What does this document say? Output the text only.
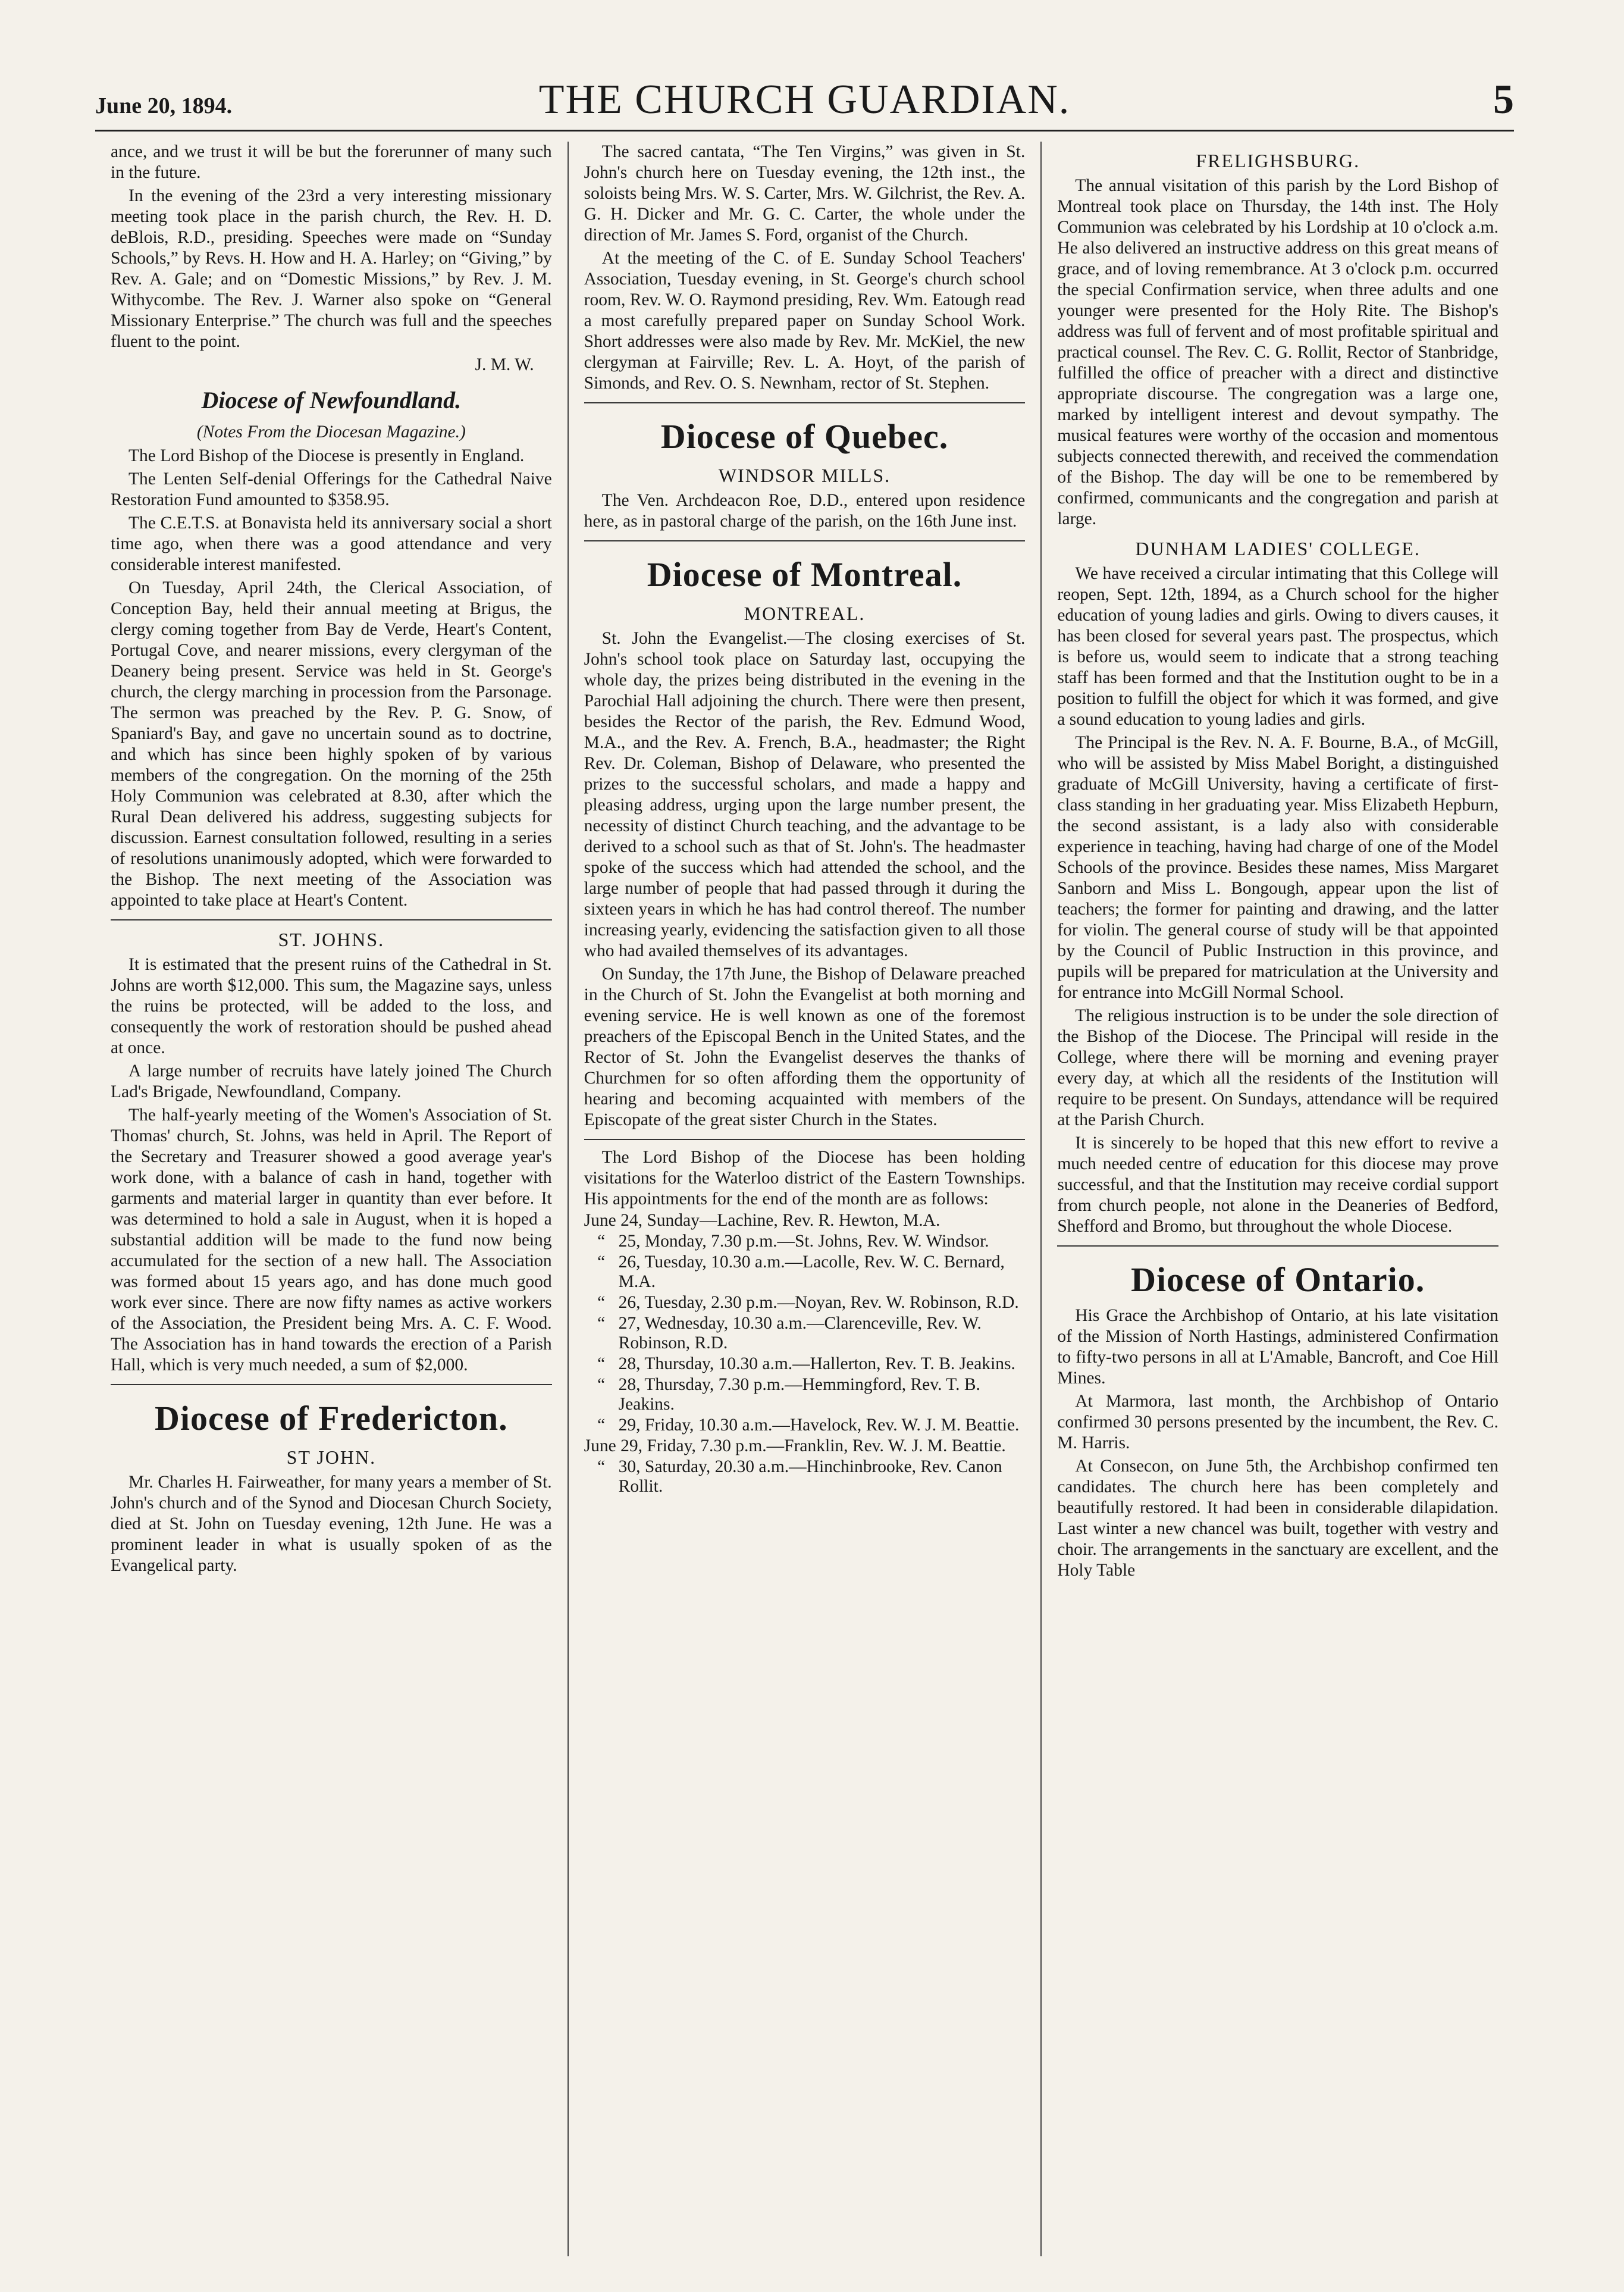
June 20, 1894.	THE CHURCH GUARDIAN.	5

ance, and we trust it will be but the forerunner of many such in the future.

In the evening of the 23rd a very interesting missionary meeting took place in the parish church, the Rev. H. D. deBlois, R.D., presiding. Speeches were made on “Sunday Schools,” by Revs. H. How and H. A. Harley; on “Giving,” by Rev. A. Gale; and on “Domestic Missions,” by Rev. J. M. Withycombe. The Rev. J. Warner also spoke on “General Missionary Enterprise.” The church was full and the speeches fluent to the point.

J. M. W.
Diocese of Newfoundland.
(Notes From the Diocesan Magazine.)

The Lord Bishop of the Diocese is presently in England.

The Lenten Self-denial Offerings for the Cathedral Naive Restoration Fund amounted to $358.95.

The C.E.T.S. at Bonavista held its anniversary social a short time ago, when there was a good attendance and very considerable interest manifested.

On Tuesday, April 24th, the Clerical Association, of Conception Bay, held their annual meeting at Brigus, the clergy coming together from Bay de Verde, Heart's Content, Portugal Cove, and nearer missions, every clergyman of the Deanery being present. Service was held in St. George's church, the clergy marching in procession from the Parsonage. The sermon was preached by the Rev. P. G. Snow, of Spaniard's Bay, and gave no uncertain sound as to doctrine, and which has since been highly spoken of by various members of the congregation. On the morning of the 25th Holy Communion was celebrated at 8.30, after which the Rural Dean delivered his address, suggesting subjects for discussion. Earnest consultation followed, resulting in a series of resolutions unanimously adopted, which were forwarded to the Bishop. The next meeting of the Association was appointed to take place at Heart's Content.

ST. JOHNS.

It is estimated that the present ruins of the Cathedral in St. Johns are worth $12,000. This sum, the Magazine says, unless the ruins be protected, will be added to the loss, and consequently the work of restoration should be pushed ahead at once.

A large number of recruits have lately joined The Church Lad's Brigade, Newfoundland, Company.

The half-yearly meeting of the Women's Association of St. Thomas' church, St. Johns, was held in April. The Report of the Secretary and Treasurer showed a good average year's work done, with a balance of cash in hand, together with garments and material larger in quantity than ever before. It was determined to hold a sale in August, when it is hoped a substantial addition will be made to the fund now being accumulated for the section of a new hall. The Association was formed about 15 years ago, and has done much good work ever since. There are now fifty names as active workers of the Association, the President being Mrs. A. C. F. Wood. The Association has in hand towards the erection of a Parish Hall, which is very much needed, a sum of $2,000.

Diocese of Fredericton.
ST JOHN.

Mr. Charles H. Fairweather, for many years a member of St. John's church and of the Synod and Diocesan Church Society, died at St. John on Tuesday evening, 12th June. He was a prominent leader in what is usually spoken of as the Evangelical party.

The sacred cantata, “The Ten Virgins,” was given in St. John's church here on Tuesday evening, the 12th inst., the soloists being Mrs. W. S. Carter, Mrs. W. Gilchrist, the Rev. A. G. H. Dicker and Mr. G. C. Carter, the whole under the direction of Mr. James S. Ford, organist of the Church.

At the meeting of the C. of E. Sunday School Teachers' Association, Tuesday evening, in St. George's church school room, Rev. W. O. Raymond presiding, Rev. Wm. Eatough read a most carefully prepared paper on Sunday School Work. Short addresses were also made by Rev. Mr. McKiel, the new clergyman at Fairville; Rev. L. A. Hoyt, of the parish of Simonds, and Rev. O. S. Newnham, rector of St. Stephen.

Diocese of Quebec.
WINDSOR MILLS.

The Ven. Archdeacon Roe, D.D., entered upon residence here, as in pastoral charge of the parish, on the 16th June inst.

Diocese of Montreal.
MONTREAL.

St. John the Evangelist.—The closing exercises of St. John's school took place on Saturday last, occupying the whole day, the prizes being distributed in the evening in the Parochial Hall adjoining the church. There were then present, besides the Rector of the parish, the Rev. Edmund Wood, M.A., and the Rev. A. French, B.A., headmaster; the Right Rev. Dr. Coleman, Bishop of Delaware, who presented the prizes to the successful scholars, and made a happy and pleasing address, urging upon the large number present, the necessity of distinct Church teaching, and the advantage to be derived to a school such as that of St. John's. The headmaster spoke of the success which had attended the school, and the large number of people that had passed through it during the sixteen years in which he has had control thereof. The number increasing yearly, evidencing the satisfaction given to all those who had availed themselves of its advantages.

On Sunday, the 17th June, the Bishop of Delaware preached in the Church of St. John the Evangelist at both morning and evening service. He is well known as one of the foremost preachers of the Episcopal Bench in the United States, and the Rector of St. John the Evangelist deserves the thanks of Churchmen for so often affording them the opportunity of hearing and becoming acquainted with members of the Episcopate of the great sister Church in the States.

The Lord Bishop of the Diocese has been holding visitations for the Waterloo district of the Eastern Townships. His appointments for the end of the month are as follows:
June 24, Sunday—Lachine, Rev. R. Hewton, M.A.
“ 25, Monday, 7.30 p.m.—St. Johns, Rev. W. Windsor.
“ 26, Tuesday, 10.30 a.m.—Lacolle, Rev. W. C. Bernard, M.A.
“ 26, Tuesday, 2.30 p.m.—Noyan, Rev. W. Robinson, R.D.
“ 27, Wednesday, 10.30 a.m.—Clarenceville, Rev. W. Robinson, R.D.
“ 28, Thursday, 10.30 a.m.—Hallerton, Rev. T. B. Jeakins.
“ 28, Thursday, 7.30 p.m.—Hemmingford, Rev. T. B. Jeakins.
“ 29, Friday, 10.30 a.m.—Havelock, Rev. W. J. M. Beattie.
June 29, Friday, 7.30 p.m.—Franklin, Rev. W. J. M. Beattie.
“ 30, Saturday, 20.30 a.m.—Hinchinbrooke, Rev. Canon Rollit.
FRELIGHSBURG.

The annual visitation of this parish by the Lord Bishop of Montreal took place on Thursday, the 14th inst. The Holy Communion was celebrated by his Lordship at 10 o'clock a.m. He also delivered an instructive address on this great means of grace, and of loving remembrance. At 3 o'clock p.m. occurred the special Confirmation service, when three adults and one younger were presented for the Holy Rite. The Bishop's address was full of fervent and of most profitable spiritual and practical counsel. The Rev. C. G. Rollit, Rector of Stanbridge, fulfilled the office of preacher with a direct and distinctive appropriate discourse. The congregation was a large one, marked by intelligent interest and devout sympathy. The musical features were worthy of the occasion and momentous subjects connected therewith, and received the commendation of the Bishop. The day will be one to be remembered by confirmed, communicants and the congregation and parish at large.

DUNHAM LADIES' COLLEGE.

We have received a circular intimating that this College will reopen, Sept. 12th, 1894, as a Church school for the higher education of young ladies and girls. Owing to divers causes, it has been closed for several years past. The prospectus, which is before us, would seem to indicate that a strong teaching staff has been formed and that the Institution ought to be in a position to fulfill the object for which it was formed, and give a sound education to young ladies and girls.

The Principal is the Rev. N. A. F. Bourne, B.A., of McGill, who will be assisted by Miss Mabel Boright, a distinguished graduate of McGill University, having a certificate of first-class standing in her graduating year. Miss Elizabeth Hepburn, the second assistant, is a lady also with considerable experience in teaching, having had charge of one of the Model Schools of the province. Besides these names, Miss Margaret Sanborn and Miss L. Bongough, appear upon the list of teachers; the former for painting and drawing, and the latter for violin. The general course of study will be that appointed by the Council of Public Instruction in this province, and pupils will be prepared for matriculation at the University and for entrance into McGill Normal School.

The religious instruction is to be under the sole direction of the Bishop of the Diocese. The Principal will reside in the College, where there will be morning and evening prayer every day, at which all the residents of the Institution will require to be present. On Sundays, attendance will be required at the Parish Church.

It is sincerely to be hoped that this new effort to revive a much needed centre of education for this diocese may prove successful, and that the Institution may receive cordial support from church people, not alone in the Deaneries of Bedford, Shefford and Bromo, but throughout the whole Diocese.

Diocese of Ontario.

His Grace the Archbishop of Ontario, at his late visitation of the Mission of North Hastings, administered Confirmation to fifty-two persons in all at L'Amable, Bancroft, and Coe Hill Mines.

At Marmora, last month, the Archbishop of Ontario confirmed 30 persons presented by the incumbent, the Rev. C. M. Harris.

At Consecon, on June 5th, the Archbishop confirmed ten candidates. The church here has been completely and beautifully restored. It had been in considerable dilapidation. Last winter a new chancel was built, together with vestry and choir. The arrangements in the sanctuary are excellent, and the Holy Table
